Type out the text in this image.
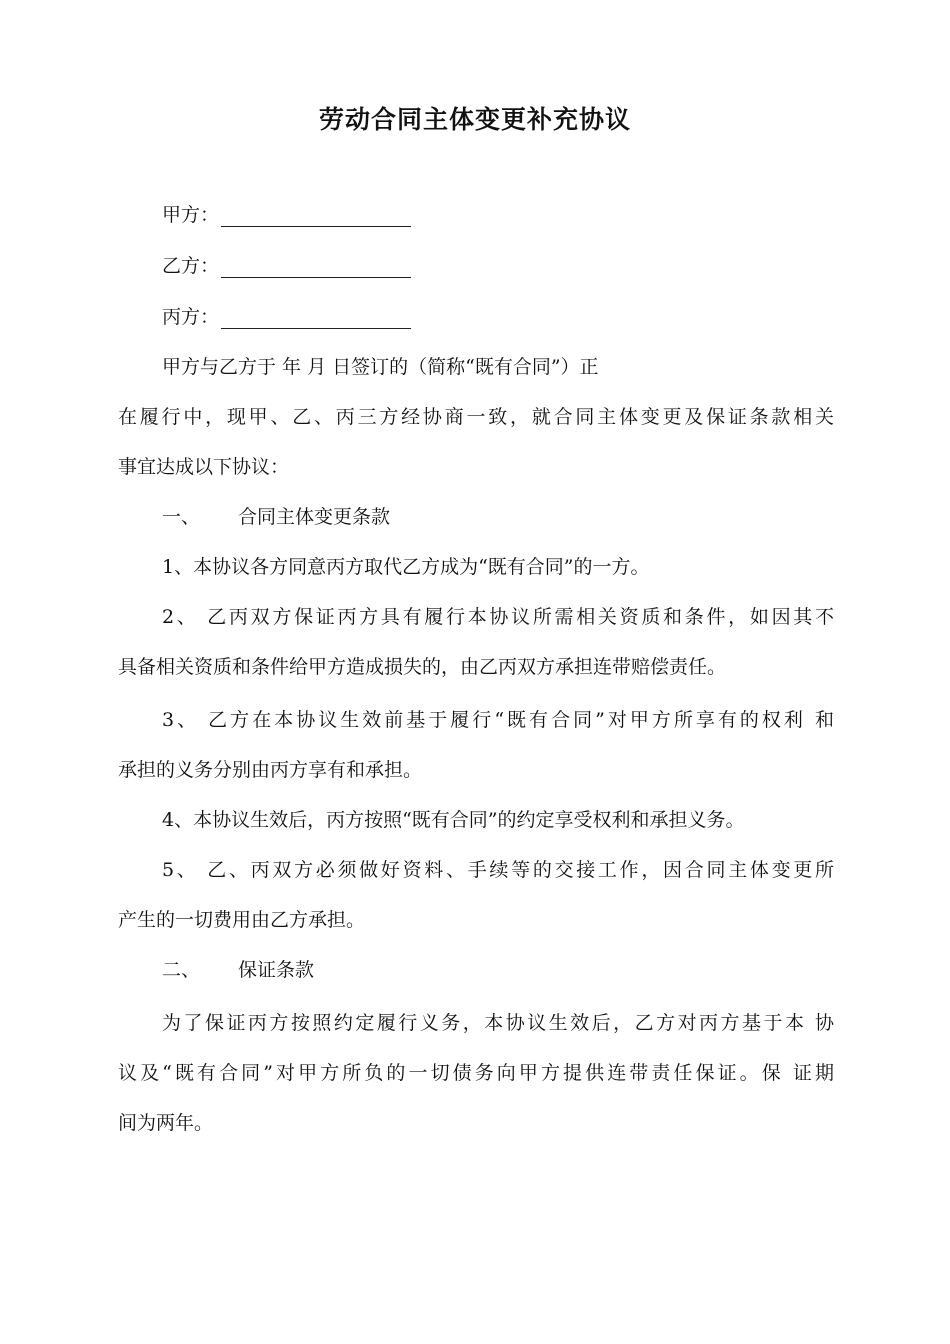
劳动合同主体变更补充协议
甲方：
乙方：
丙方：
甲方与乙方于 年 月 日签订的（简称“既有合同”）正
在履行中，现甲、乙、丙三方经协商一致，就合同主体变更及保证条款相关
事宜达成以下协议：
一、 合同主体变更条款
1、本协议各方同意丙方取代乙方成为“既有合同”的一方。
2、 乙丙双方保证丙方具有履行本协议所需相关资质和条件，如因其不
具备相关资质和条件给甲方造成损失的，由乙丙双方承担连带赔偿责任。
3、 乙方在本协议生效前基于履行“既有合同”对甲方所享有的权利 和
承担的义务分别由丙方享有和承担。
4、本协议生效后，丙方按照“既有合同”的约定享受权利和承担义务。
5、 乙、丙双方必须做好资料、手续等的交接工作，因合同主体变更所
产生的一切费用由乙方承担。
二、 保证条款
为了保证丙方按照约定履行义务，本协议生效后，乙方对丙方基于本 协
议及“既有合同”对甲方所负的一切债务向甲方提供连带责任保证。保 证期
间为两年。
